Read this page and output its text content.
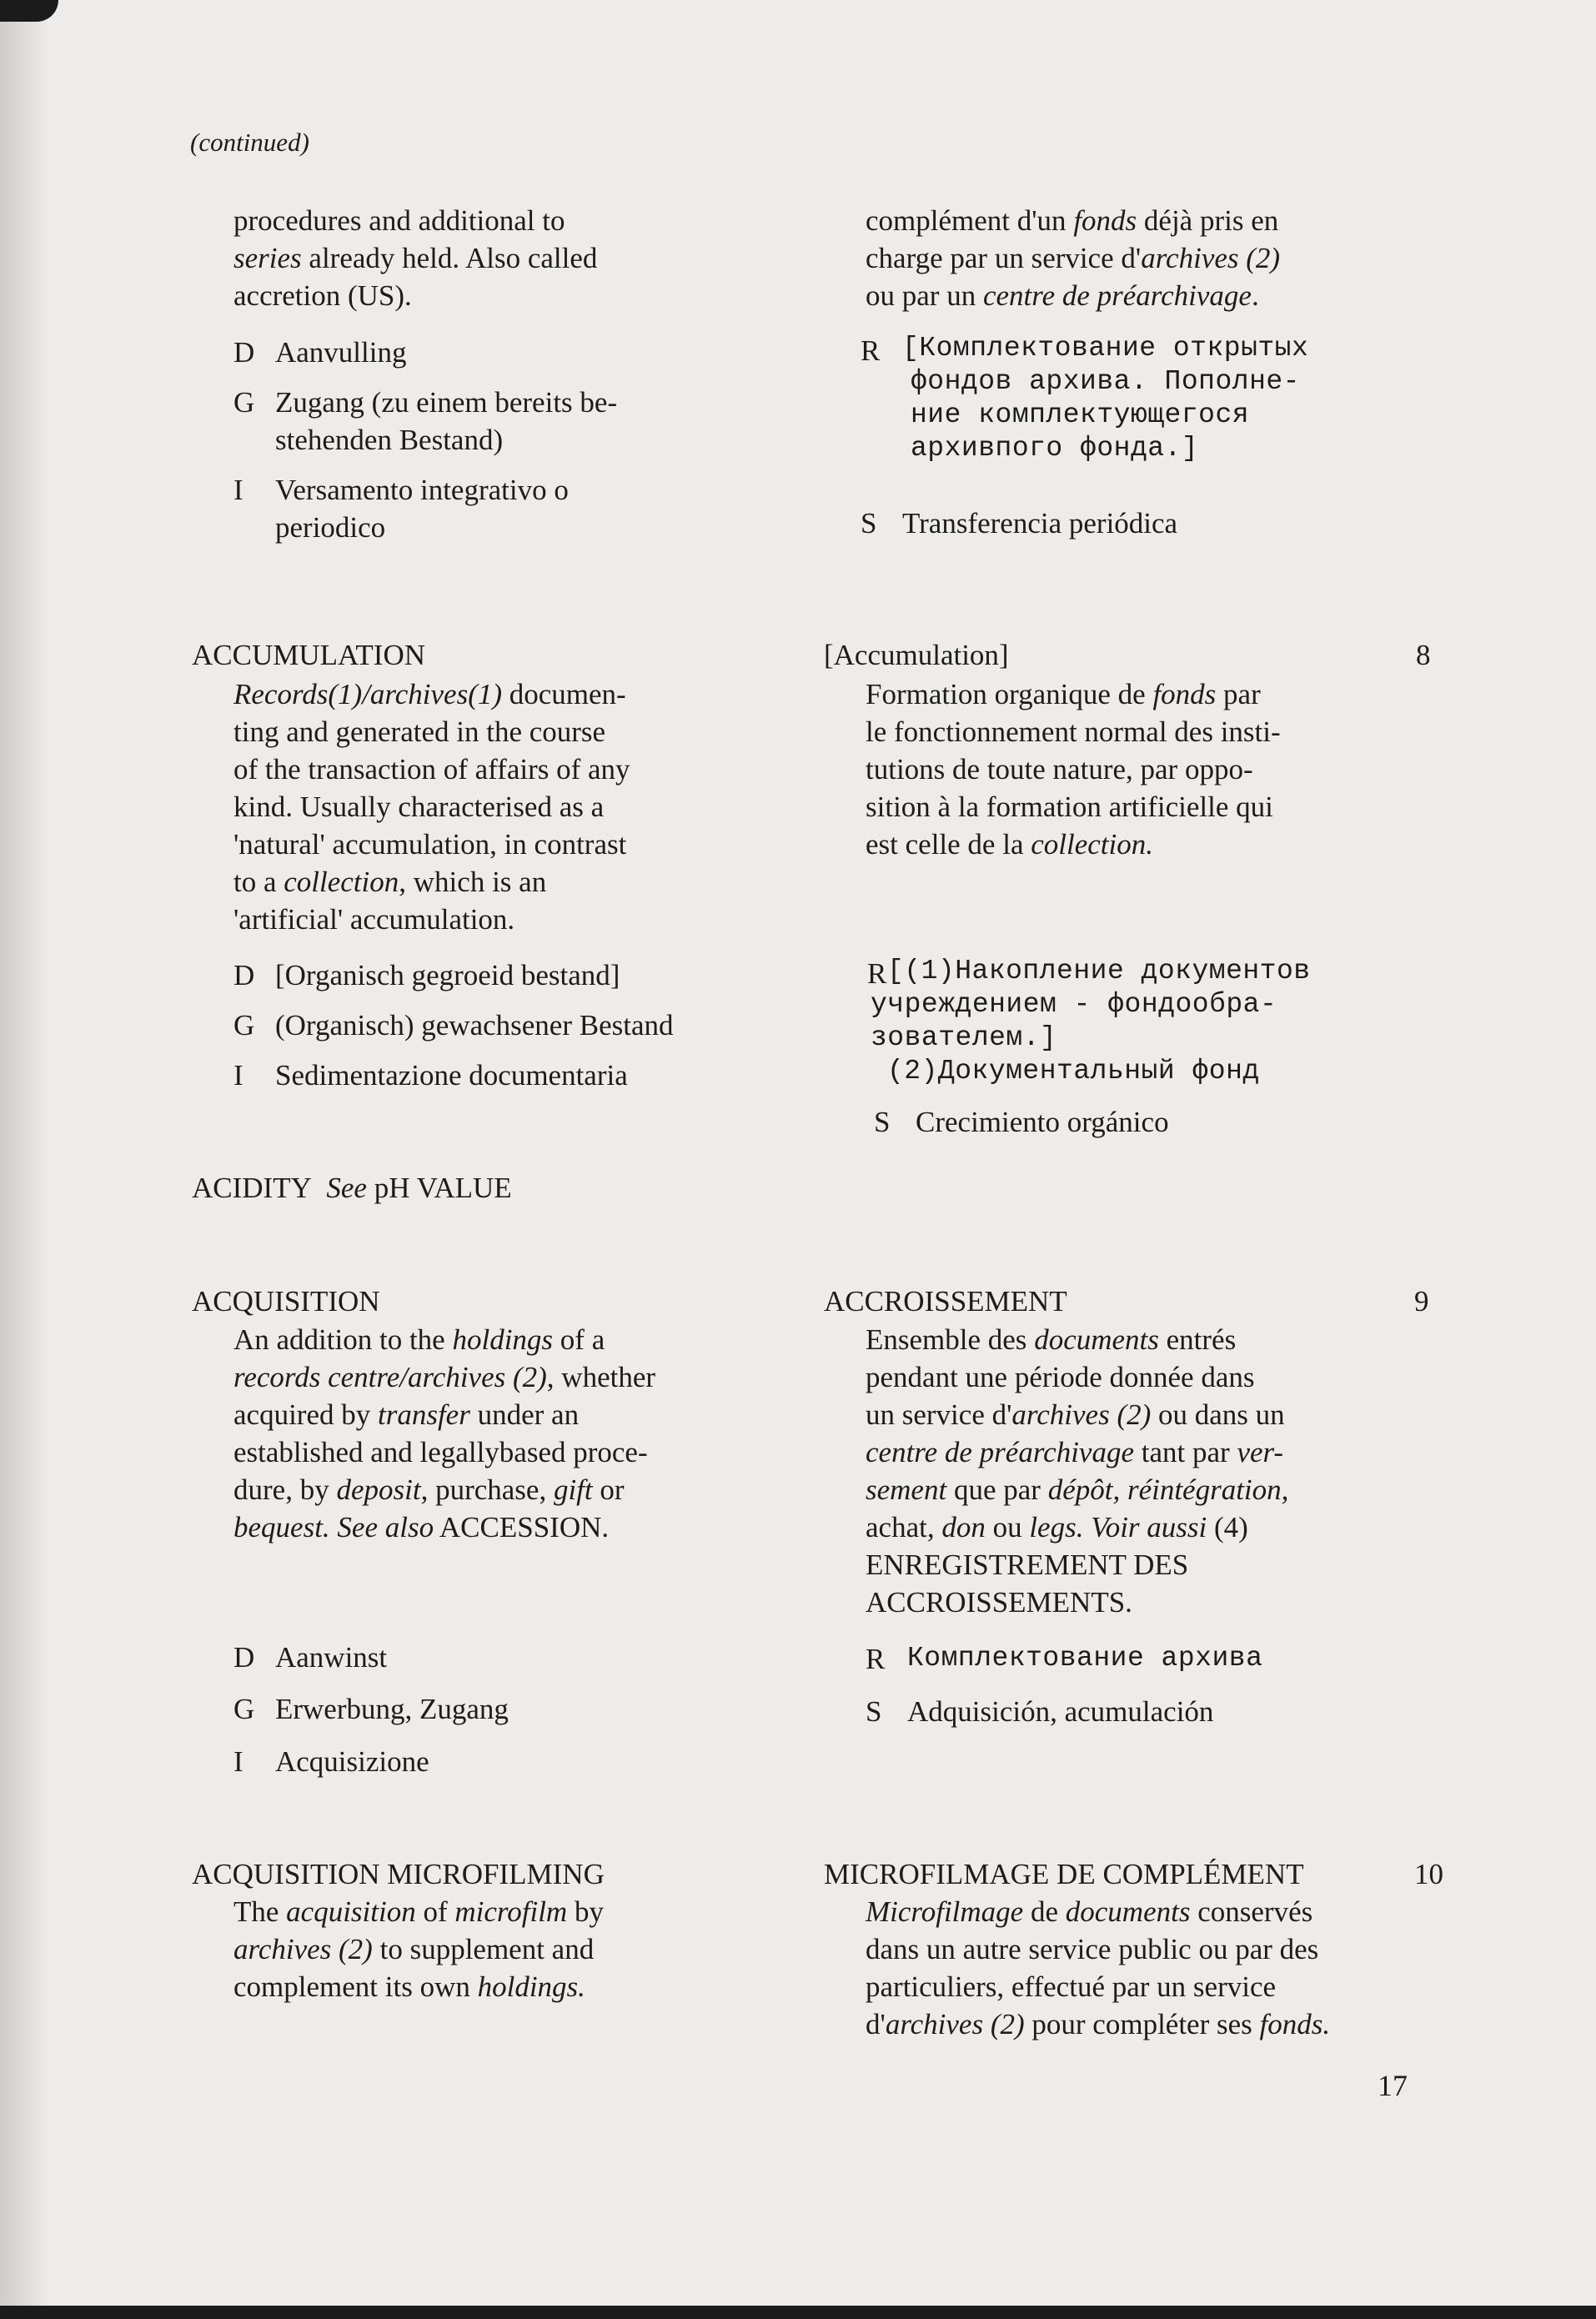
(continued)
procedures and additional to
series already held. Also called
accretion (US).
D Aanvulling
G Zugang (zu einem bereits be-
stehenden Bestand)
I Versamento integrativo o
periodico
complément d'un fonds déjà pris en
charge par un service d'archives (2)
ou par un centre de préarchivage.
R [Комплектование открытых
фондов архива. Пополне-
ние комплектующегося
архивпого фонда.]
S Transferencia periódica
ACCUMULATION	[Accumulation]	8
Records(1)/archives(1) documen-
ting and generated in the course
of the transaction of affairs of any
kind. Usually characterised as a
'natural' accumulation, in contrast
to a collection, which is an
'artificial' accumulation.
D [Organisch gegroeid bestand]
G (Organisch) gewachsener Bestand
I Sedimentazione documentaria
Formation organique de fonds par
le fonctionnement normal des insti-
tutions de toute nature, par oppo-
sition à la formation artificielle qui
est celle de la collection.
R [(1)Накопление документов
учреждением - фондообра-
зователем.]
(2)Документальный фонд
S Crecimiento orgánico
ACIDITY See pH VALUE
ACQUISITION	ACCROISSEMENT	9
An addition to the holdings of a
records centre/archives (2), whether
acquired by transfer under an
established and legallybased proce-
dure, by deposit, purchase, gift or
bequest. See also ACCESSION.
D Aanwinst
G Erwerbung, Zugang
I Acquisizione
Ensemble des documents entrés
pendant une période donnée dans
un service d'archives (2) ou dans un
centre de préarchivage tant par ver-
sement que par dépôt, réintégration,
achat, don ou legs. Voir aussi (4)
ENREGISTREMENT DES
ACCROISSEMENTS.
R Комплектование архива
S Adquisición, acumulación
ACQUISITION MICROFILMING	MICROFILMAGE DE COMPLÉMENT	10
The acquisition of microfilm by
archives (2) to supplement and
complement its own holdings.
Microfilmage de documents conservés
dans un autre service public ou par des
particuliers, effectué par un service
d'archives (2) pour compléter ses fonds.
17
